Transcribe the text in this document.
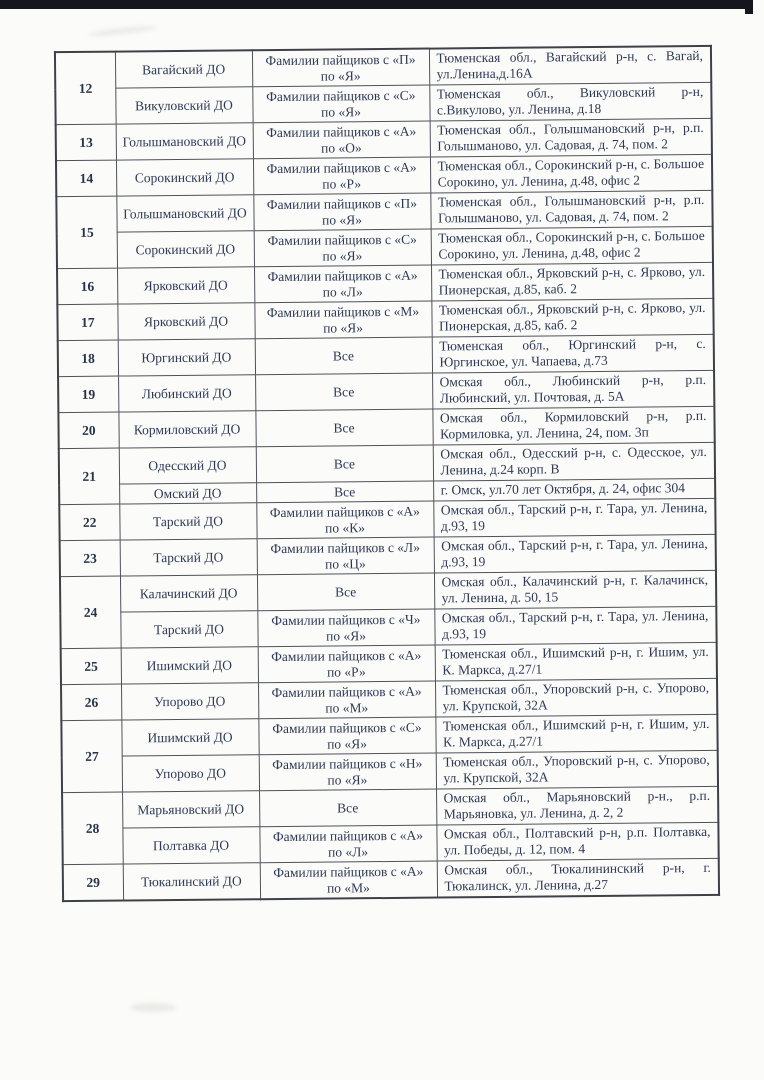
12	Вагайский ДО	Фамилии пайщиков с «П» по «Я»	Тюменская обл., Вагайский р-н, с. Вагай, ул.Ленина,д.16А
	Викуловский ДО	Фамилии пайщиков с «С» по «Я»	Тюменская обл., Викуловский р-н, с.Викулово, ул. Ленина, д.18
13	Голышмановский ДО	Фамилии пайщиков с «А» по «О»	Тюменская обл., Голышмановский р-н, р.п. Голышманово, ул. Садовая, д. 74, пом. 2
14	Сорокинский ДО	Фамилии пайщиков с «А» по «Р»	Тюменская обл., Сорокинский р-н, с. Большое Сорокино, ул. Ленина, д.48, офис 2
15	Голышмановский ДО	Фамилии пайщиков с «П» по «Я»	Тюменская обл., Голышмановский р-н, р.п. Голышманово, ул. Садовая, д. 74, пом. 2
	Сорокинский ДО	Фамилии пайщиков с «С» по «Я»	Тюменская обл., Сорокинский р-н, с. Большое Сорокино, ул. Ленина, д.48, офис 2
16	Ярковский ДО	Фамилии пайщиков с «А» по «Л»	Тюменская обл., Ярковский р-н, с. Ярково, ул. Пионерская, д.85, каб. 2
17	Ярковский ДО	Фамилии пайщиков с «М» по «Я»	Тюменская обл., Ярковский р-н, с. Ярково, ул. Пионерская, д.85, каб. 2
18	Юргинский ДО	Все	Тюменская обл., Юргинский р-н, с. Юргинское, ул. Чапаева, д.73
19	Любинский ДО	Все	Омская обл., Любинский р-н, р.п. Любинский, ул. Почтовая, д. 5А
20	Кормиловский ДО	Все	Омская обл., Кормиловский р-н, р.п. Кормиловка, ул. Ленина, 24, пом. 3п
21	Одесский ДО	Все	Омская обл., Одесский р-н, с. Одесское, ул. Ленина, д.24 корп. В
	Омский ДО	Все	г. Омск, ул.70 лет Октября, д. 24, офис 304
22	Тарский ДО	Фамилии пайщиков с «А» по «К»	Омская обл., Тарский р-н, г. Тара, ул. Ленина, д.93, 19
23	Тарский ДО	Фамилии пайщиков с «Л» по «Ц»	Омская обл., Тарский р-н, г. Тара, ул. Ленина, д.93, 19
24	Калачинский ДО	Все	Омская обл., Калачинский р-н, г. Калачинск, ул. Ленина, д. 50, 15
	Тарский ДО	Фамилии пайщиков с «Ч» по «Я»	Омская обл., Тарский р-н, г. Тара, ул. Ленина, д.93, 19
25	Ишимский ДО	Фамилии пайщиков с «А» по «Р»	Тюменская обл., Ишимский р-н, г. Ишим, ул. К. Маркса, д.27/1
26	Упорово ДО	Фамилии пайщиков с «А» по «М»	Тюменская обл., Упоровский р-н, с. Упорово, ул. Крупской, 32А
27	Ишимский ДО	Фамилии пайщиков с «С» по «Я»	Тюменская обл., Ишимский р-н, г. Ишим, ул. К. Маркса, д.27/1
	Упорово ДО	Фамилии пайщиков с «Н» по «Я»	Тюменская обл., Упоровский р-н, с. Упорово, ул. Крупской, 32А
28	Марьяновский ДО	Все	Омская обл., Марьяновский р-н., р.п. Марьяновка, ул. Ленина, д. 2, 2
	Полтавка ДО	Фамилии пайщиков с «А» по «Л»	Омская обл., Полтавский р-н, р.п. Полтавка, ул. Победы, д. 12, пом. 4
29	Тюкалинский ДО	Фамилии пайщиков с «А» по «М»	Омская обл., Тюкалининский р-н, г. Тюкалинск, ул. Ленина, д.27
